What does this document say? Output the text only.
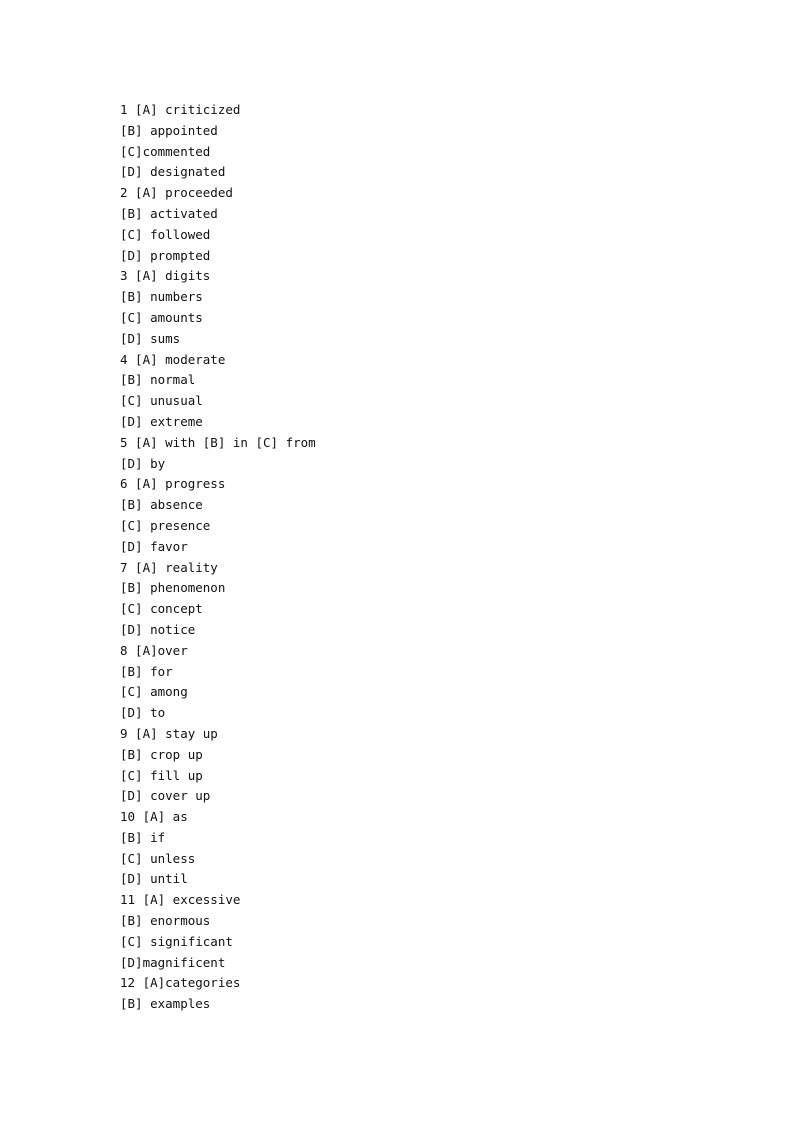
1 [A] criticized
[B] appointed
[C]commented
[D] designated
2 [A] proceeded
[B] activated
[C] followed
[D] prompted
3 [A] digits
[B] numbers
[C] amounts
[D] sums
4 [A] moderate
[B] normal
[C] unusual
[D] extreme
5 [A] with [B] in [C] from
[D] by
6 [A] progress
[B] absence
[C] presence
[D] favor
7 [A] reality
[B] phenomenon
[C] concept
[D] notice
8 [A]over
[B] for
[C] among
[D] to
9 [A] stay up
[B] crop up
[C] fill up
[D] cover up
10 [A] as
[B] if
[C] unless
[D] until
11 [A] excessive
[B] enormous
[C] significant
[D]magnificent
12 [A]categories
[B] examples
